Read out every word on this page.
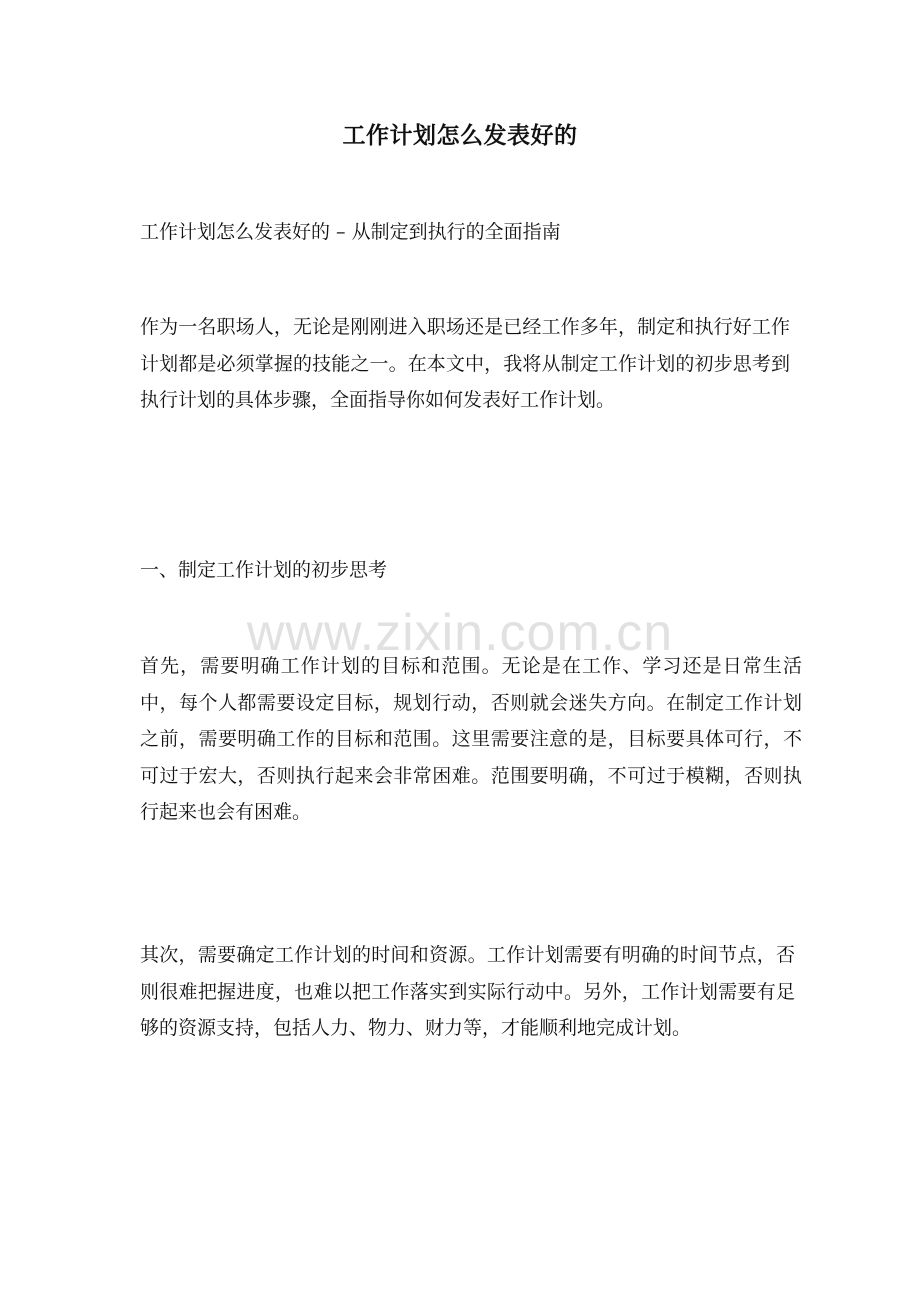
工作计划怎么发表好的
工作计划怎么发表好的 – 从制定到执行的全面指南

作为一名职场人，无论是刚刚进入职场还是已经工作多年，制定和执行好工作计划都是必须掌握的技能之一。在本文中，我将从制定工作计划的初步思考到执行计划的具体步骤，全面指导你如何发表好工作计划。

一、制定工作计划的初步思考

首先，需要明确工作计划的目标和范围。无论是在工作、学习还是日常生活中，每个人都需要设定目标，规划行动，否则就会迷失方向。在制定工作计划之前，需要明确工作的目标和范围。这里需要注意的是，目标要具体可行，不可过于宏大，否则执行起来会非常困难。范围要明确，不可过于模糊，否则执行起来也会有困难。

其次，需要确定工作计划的时间和资源。工作计划需要有明确的时间节点，否则很难把握进度，也难以把工作落实到实际行动中。另外，工作计划需要有足够的资源支持，包括人力、物力、财力等，才能顺利地完成计划。

www.zixin.com.cn
